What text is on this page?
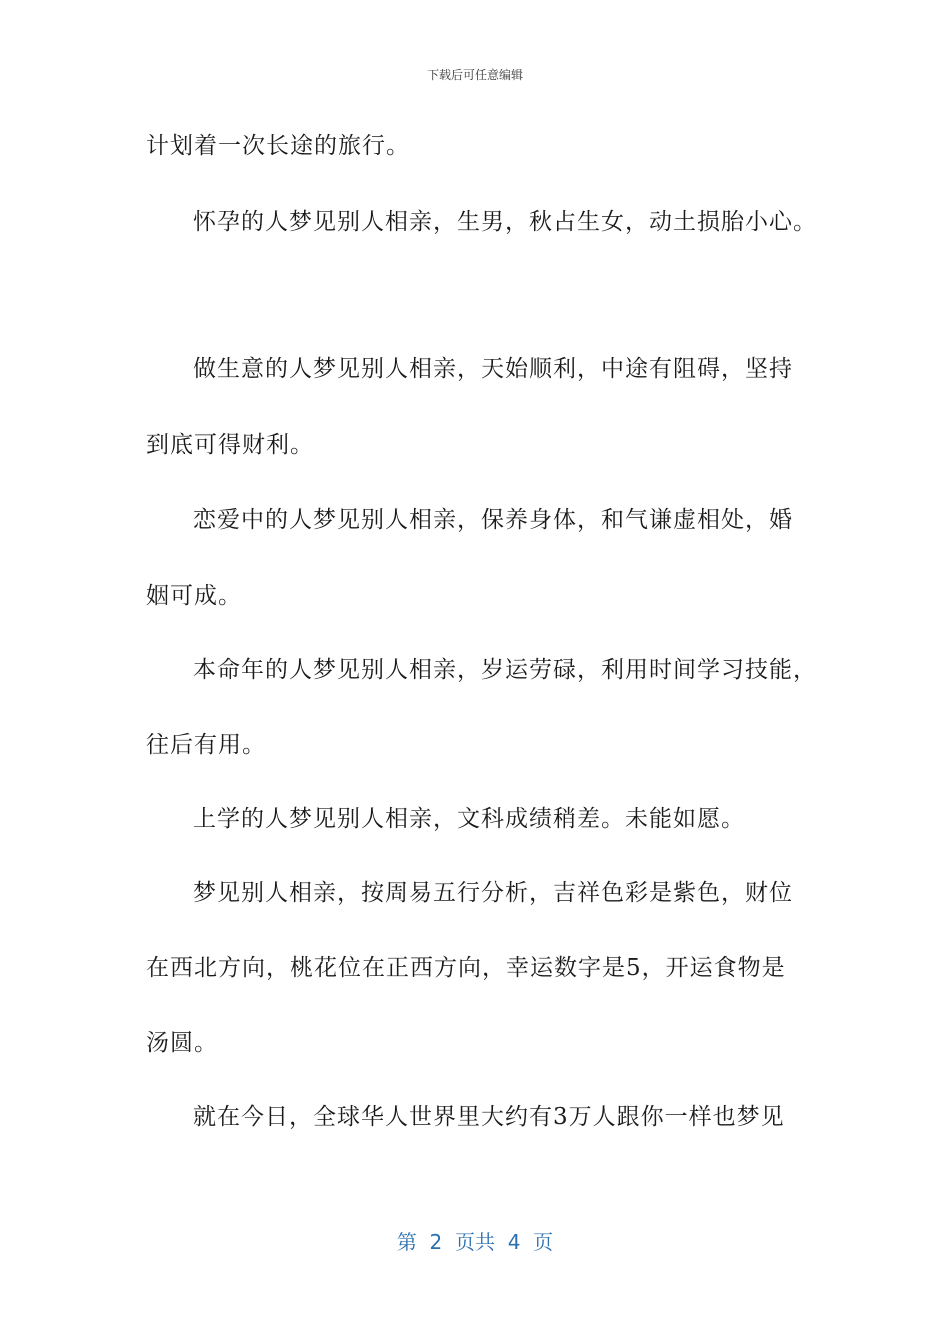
下载后可任意编辑
计划着一次长途的旅行。
怀孕的人梦见别人相亲，生男，秋占生女，动土损胎小心。
做生意的人梦见别人相亲，天始顺利，中途有阻碍，坚持
到底可得财利。
恋爱中的人梦见别人相亲，保养身体，和气谦虚相处，婚
姻可成。
本命年的人梦见别人相亲，岁运劳碌，利用时间学习技能，
往后有用。
上学的人梦见别人相亲，文科成绩稍差。未能如愿。
梦见别人相亲，按周易五行分析，吉祥色彩是紫色，财位
在西北方向，桃花位在正西方向，幸运数字是5，开运食物是
汤圆。
就在今日，全球华人世界里大约有3万人跟你一样也梦见
第  2  页共  4  页
